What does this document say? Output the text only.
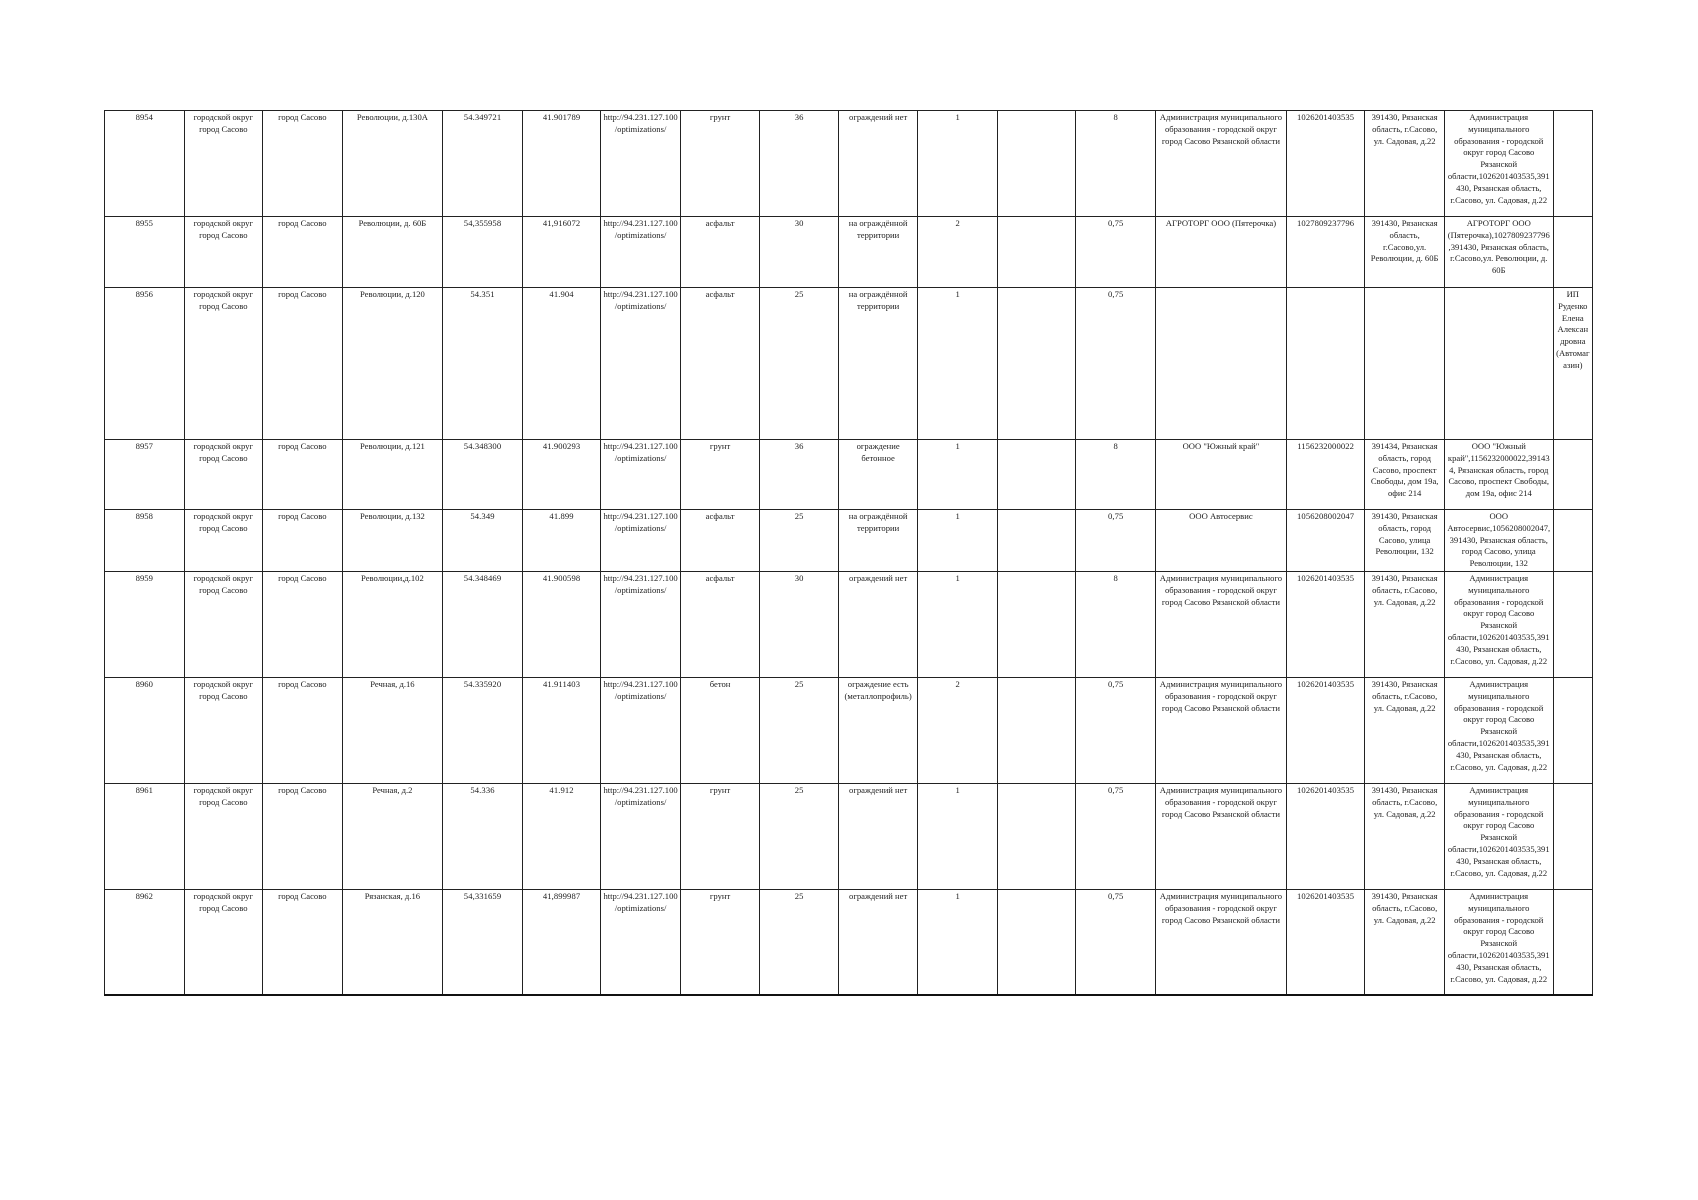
8954	городской округ город Сасово	город Сасово	Революции, д.130А	54.349721	41.901789	http://94.231.127.100/optimizations/	грунт	36	ограждений нет	1		8	Администрация муниципального образования - городской округ город Сасово Рязанской области	1026201403535	391430, Рязанская область, г.Сасово, ул. Садовая, д.22	Администрация муниципального образования - городской округ город Сасово Рязанской области,1026201403535,391430, Рязанская область, г.Сасово, ул. Садовая, д.22	
8955	городской округ город Сасово	город Сасово	Революции, д. 60Б	54,355958	41,916072	http://94.231.127.100/optimizations/	асфальт	30	на ограждённой территории	2		0,75	АГРОТОРГ ООО (Пятерочка)	1027809237796	391430, Рязанская область, г.Сасово,ул. Революции, д. 60Б	АГРОТОРГ ООО (Пятерочка),1027809237796,391430, Рязанская область, г.Сасово,ул. Революции, д. 60Б	
8956	городской округ город Сасово	город Сасово	Революции, д.120	54.351	41.904	http://94.231.127.100/optimizations/	асфальт	25	на ограждённой территории	1		0,75					ИП Руденко Елена Александровна (Автомагазин)
8957	городской округ город Сасово	город Сасово	Революции, д.121	54.348300	41.900293	http://94.231.127.100/optimizations/	грунт	36	ограждение бетонное	1		8	ООО "Южный край"	1156232000022	391434, Рязанская область, город Сасово, проспект Свободы, дом 19а, офис 214	ООО "Южный край",1156232000022,391434, Рязанская область, город Сасово, проспект Свободы, дом 19а, офис 214	
8958	городской округ город Сасово	город Сасово	Революции, д.132	54.349	41.899	http://94.231.127.100/optimizations/	асфальт	25	на ограждённой территории	1		0,75	ООО Автосервис	1056208002047	391430, Рязанская область, город Сасово, улица Революции, 132	ООО Автосервис,1056208002047,391430, Рязанская область, город Сасово, улица Революции, 132	
8959	городской округ город Сасово	город Сасово	Революции,д.102	54.348469	41.900598	http://94.231.127.100/optimizations/	асфальт	30	ограждений нет	1		8	Администрация муниципального образования - городской округ город Сасово Рязанской области	1026201403535	391430, Рязанская область, г.Сасово, ул. Садовая, д.22	Администрация муниципального образования - городской округ город Сасово Рязанской области,1026201403535,391430, Рязанская область, г.Сасово, ул. Садовая, д.22	
8960	городской округ город Сасово	город Сасово	Речная, д.16	54.335920	41.911403	http://94.231.127.100/optimizations/	бетон	25	ограждение есть (металлопрофиль)	2		0,75	Администрация муниципального образования - городской округ город Сасово Рязанской области	1026201403535	391430, Рязанская область, г.Сасово, ул. Садовая, д.22	Администрация муниципального образования - городской округ город Сасово Рязанской области,1026201403535,391430, Рязанская область, г.Сасово, ул. Садовая, д.22	
8961	городской округ город Сасово	город Сасово	Речная, д.2	54.336	41.912	http://94.231.127.100/optimizations/	грунт	25	ограждений нет	1		0,75	Администрация муниципального образования - городской округ город Сасово Рязанской области	1026201403535	391430, Рязанская область, г.Сасово, ул. Садовая, д.22	Администрация муниципального образования - городской округ город Сасово Рязанской области,1026201403535,391430, Рязанская область, г.Сасово, ул. Садовая, д.22	
8962	городской округ город Сасово	город Сасово	Рязанская, д.16	54,331659	41,899987	http://94.231.127.100/optimizations/	грунт	25	ограждений нет	1		0,75	Администрация муниципального образования - городской округ город Сасово Рязанской области	1026201403535	391430, Рязанская область, г.Сасово, ул. Садовая, д.22	Администрация муниципального образования - городской округ город Сасово Рязанской области,1026201403535,391430, Рязанская область, г.Сасово, ул. Садовая, д.22	
